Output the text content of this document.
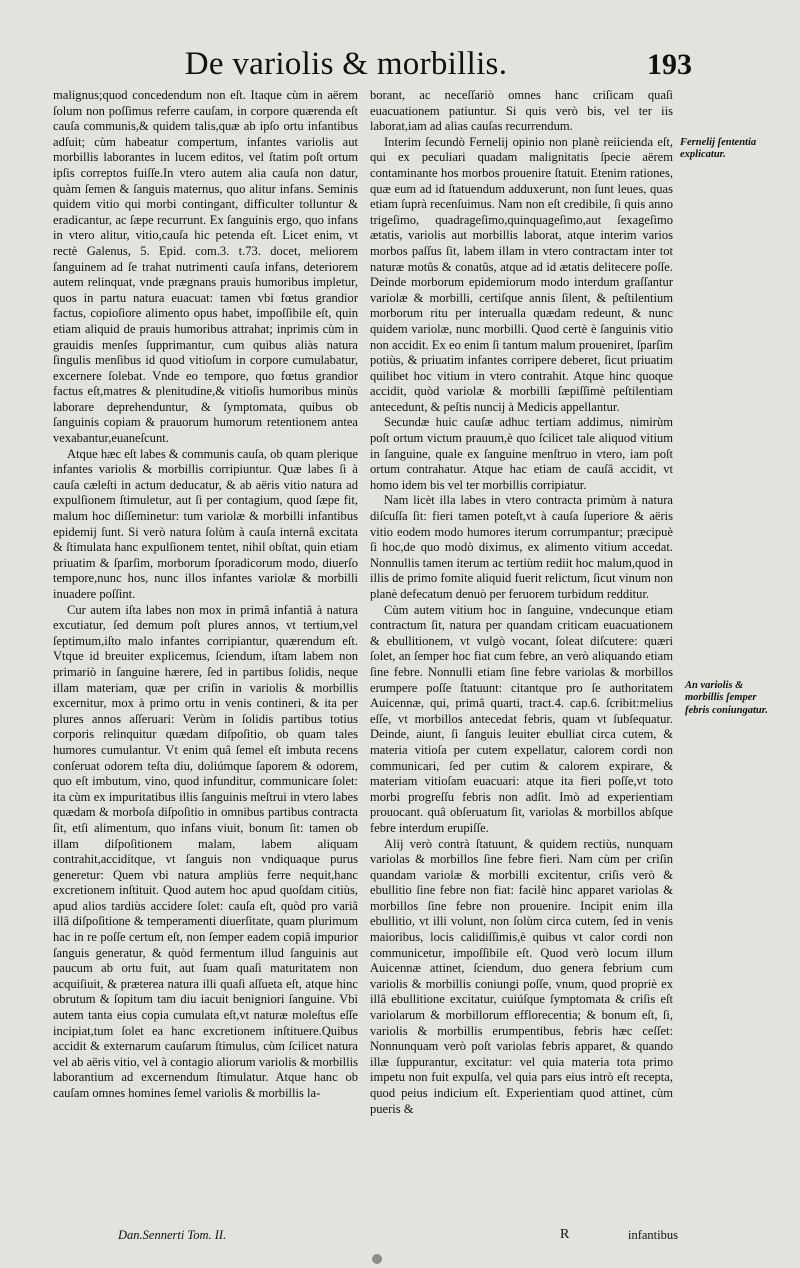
De variolis & morbillis.	193

malignus;quod concedendum non eſt. Itaque cùm in aërem ſolum non poſſimus referre cauſam, in corpore quærenda eſt cauſa communis,& quidem talis,quæ ab ipſo ortu infantibus adſuit; cùm habeatur compertum, infantes variolis aut morbillis laborantes in lucem editos, vel ſtatim poſt ortum ipſis correptos fuiſſe.In vtero autem alia cauſa non datur, quàm ſemen & ſanguis maternus, quo alitur infans. Seminis quidem vitio qui morbi contingant, difficulter tolluntur & eradicantur, ac ſæpe recurrunt. Ex ſanguinis ergo, quo infans in vtero alitur, vitio,cauſa hic petenda eſt. Licet enim, vt rectè Galenus, 5. Epid. com.3. t.73. docet, meliorem ſanguinem ad ſe trahat nutrimenti cauſa infans, deteriorem autem relinquat, vnde prægnans prauis humoribus impletur, quos in partu natura euacuat: tamen vbi fœtus grandior factus, copioſiore alimento opus habet, impoſſibile eſt, quin etiam aliquid de prauis humoribus attrahat; inprimis cùm in grauidis menſes ſupprimantur, cum quibus aliàs natura ſingulis menſibus id quod vitioſum in corpore cumulabatur, excernere ſolebat. Vnde eo tempore, quo fœtus grandior factus eſt,matres & plenitudine,& vitioſis humoribus minùs laborare deprehenduntur, & ſymptomata, quibus ob ſanguinis copiam & prauorum humorum retentionem antea vexabantur,euaneſcunt.

Atque hæc eſt labes & communis cauſa, ob quam plerique infantes variolis & morbillis corripiuntur. Quæ labes ſi à cauſa cæleſti in actum deducatur, & ab aëris vitio natura ad expulſionem ſtimuletur, aut ſi per contagium, quod ſæpe fit, malum hoc diſſeminetur: tum variolæ & morbilli infantibus epidemij ſunt. Si verò natura ſolùm à cauſa internâ excitata & ſtimulata hanc expulſionem tentet, nihil obſtat, quin etiam priuatim & ſparſim, morborum ſporadicorum modo, diuerſo tempore,nunc hos, nunc illos infantes variolæ & morbilli inuadere poſſint.

Cur autem iſta labes non mox in primâ infantiâ à natura excutiatur, ſed demum poſt plures annos, vt tertium,vel ſeptimum,iſto malo infantes corripiantur, quærendum eſt. Vtque id breuiter explicemus, ſciendum, iſtam labem non primariò in ſanguine hærere, ſed in partibus ſolidis, neque illam materiam, quæ per criſin in variolis & morbillis excernitur, mox à primo ortu in venis contineri, & ita per plures annos aſſeruari: Verùm in ſolidis partibus totius corporis relinquitur quædam diſpoſitio, ob quam tales humores cumulantur. Vt enim quâ ſemel eſt imbuta recens conſeruat odorem teſta diu, doliúmque ſaporem & odorem, quo eſt imbutum, vino, quod infunditur, communicare ſolet: ita cùm ex impuritatibus illis ſanguinis meſtrui in vtero labes quædam & morboſa diſpoſitio in omnibus partibus contracta ſit, etſi alimentum, quo infans viuit, bonum ſit: tamen ob illam diſpoſitionem malam, labem aliquam contrahit,accidítque, vt ſanguis non vndiquaque purus generetur: Quem vbi natura ampliùs ferre nequit,hanc excretionem inſtituit. Quod autem hoc apud quoſdam citiùs, apud alios tardiùs accidere ſolet: cauſa eſt, quòd pro variâ illâ diſpoſitione & temperamenti diuerſitate, quam plurimum hac in re poſſe certum eſt, non ſemper eadem copiâ impurior ſanguis generatur, & quòd fermentum illud ſanguinis aut paucum ab ortu fuit, aut ſuam quaſi maturitatem non acquiſiuit, & præterea natura illi quaſi aſſueta eſt, atque hinc obrutum & ſopitum tam diu iacuit benigniori ſanguine. Vbi autem tanta eius copia cumulata eſt,vt naturæ moleſtus eſſe incipiat,tum ſolet ea hanc excretionem inſtituere.Quibus accidit & externarum cauſarum ſtimulus, cùm ſcilicet natura vel ab aëris vitio, vel à contagio aliorum variolis & morbillis laborantium ad excernendum ſtimulatur. Atque hanc ob cauſam omnes homines ſemel variolis & morbillis la-

borant, ac neceſſariò omnes hanc criſicam quaſi euacuationem patiuntur. Si quis verò bis, vel ter iis laborat,iam ad alias cauſas recurrendum.

Interim ſecundò Fernelij opinio non planè reiicienda eſt, qui ex peculiari quadam malignitatis ſpecie aërem contaminante hos morbos prouenire ſtatuit. Etenim rationes, quæ eum ad id ſtatuendum adduxerunt, non ſunt leues, quas etiam ſuprà recenſuimus. Nam non eſt credibile, ſi quis anno trigeſimo, quadrageſimo,quinquageſimo,aut ſexageſimo ætatis, variolis aut morbillis laborat, atque interim varios morbos paſſus ſit, labem illam in vtero contractam inter tot naturæ motûs & conatûs, atque ad id ætatis delitecere poſſe. Deinde morborum epidemiorum modo interdum graſſantur variolæ & morbilli, certiſque annis ſilent, & peſtilentium morborum ritu per interualla quædam redeunt, & nunc quidem variolæ, nunc morbilli. Quod certè è ſanguinis vitio non accidit. Ex eo enim ſi tantum malum proueniret, ſparſim potiùs, & priuatim infantes corripere deberet, ſicut priuatim quilibet hoc vitium in vtero contrahit. Atque hinc quoque accidit, quòd variolæ & morbilli ſæpiſſimè peſtilentiam antecedunt, & peſtis nuncij à Medicis appellantur.

Secundæ huic cauſæ adhuc tertiam addimus, nimirùm poſt ortum victum prauum,è quo ſcilicet tale aliquod vitium in ſanguine, quale ex ſanguine menſtruo in vtero, iam poſt ortum contrahatur. Atque hac etiam de cauſâ accidit, vt homo idem bis vel ter morbillis corripiatur.

Nam licèt illa labes in vtero contracta primùm à natura diſcuſſa ſit: fieri tamen poteſt,vt à cauſa ſuperiore & aëris vitio eodem modo humores iterum corrumpantur; præcipuè ſi hoc,de quo modò diximus, ex alimento vitium accedat. Nonnullis tamen iterum ac tertiùm rediit hoc malum,quod in illis de primo fomite aliquid fuerit relictum, ſicut vinum non planè defecatum denuò per feruorem turbidum redditur.

Cùm autem vitium hoc in ſanguine, vndecunque etiam contractum ſit, natura per quandam criticam euacuationem & ebullitionem, vt vulgò vocant, ſoleat diſcutere: quæri ſolet, an ſemper hoc fiat cum febre, an verò aliquando etiam ſine febre. Nonnulli etiam ſine febre variolas & morbillos erumpere poſſe ſtatuunt: citantque pro ſe authoritatem Auicennæ, qui, primâ quarti, tract.4. cap.6. ſcribit:melius eſſe, vt morbillos antecedat febris, quam vt ſubſequatur. Deinde, aiunt, ſi ſanguis leuiter ebulliat circa cutem, & materia vitioſa per cutem expellatur, calorem cordi non communicari, ſed per cutim & calorem expirare, & materiam vitioſam euacuari: atque ita fieri poſſe,vt toto morbi progreſſu febris non adſit. Imò ad experientiam prouocant. quâ obſeruatum ſit, variolas & morbillos abſque febre interdum erupiſſe.

Alij verò contrà ſtatuunt, & quidem rectiùs, nunquam variolas & morbillos ſine febre fieri. Nam cùm per criſin quandam variolæ & morbilli excitentur, criſis verò & ebullitio ſine febre non fiat: facilè hinc apparet variolas & morbillos ſine febre non prouenire. Incipit enim illa ebullitio, vt illi volunt, non ſolùm circa cutem, ſed in venis maioribus, locis calidiſſimis,è quibus vt calor cordi non communicetur, impoſſibile eſt. Quod verò locum illum Auicennæ attinet, ſciendum, duo genera febrium cum variolis & morbillis coniungi poſſe, vnum, quod propriè ex illâ ebullitione excitatur, cuiúſque ſymptomata & criſis eſt variolarum & morbillorum efflorecentia; & bonum eſt, ſi, variolis & morbillis erumpentibus, febris hæc ceſſet: Nonnunquam verò poſt variolas febris apparet, & quando illæ ſuppurantur, excitatur: vel quia materia tota primo impetu non fuit expulſa, vel quia pars eius intrò eſt recepta, quod peius indicium eſt. Experientiam quod attinet, cùm pueris &

Fernelij ſententia explicatur.
An variolis & morbillis ſemper febris coniungatur.
Dan.Sennerti Tom. II.	R	infantibus
